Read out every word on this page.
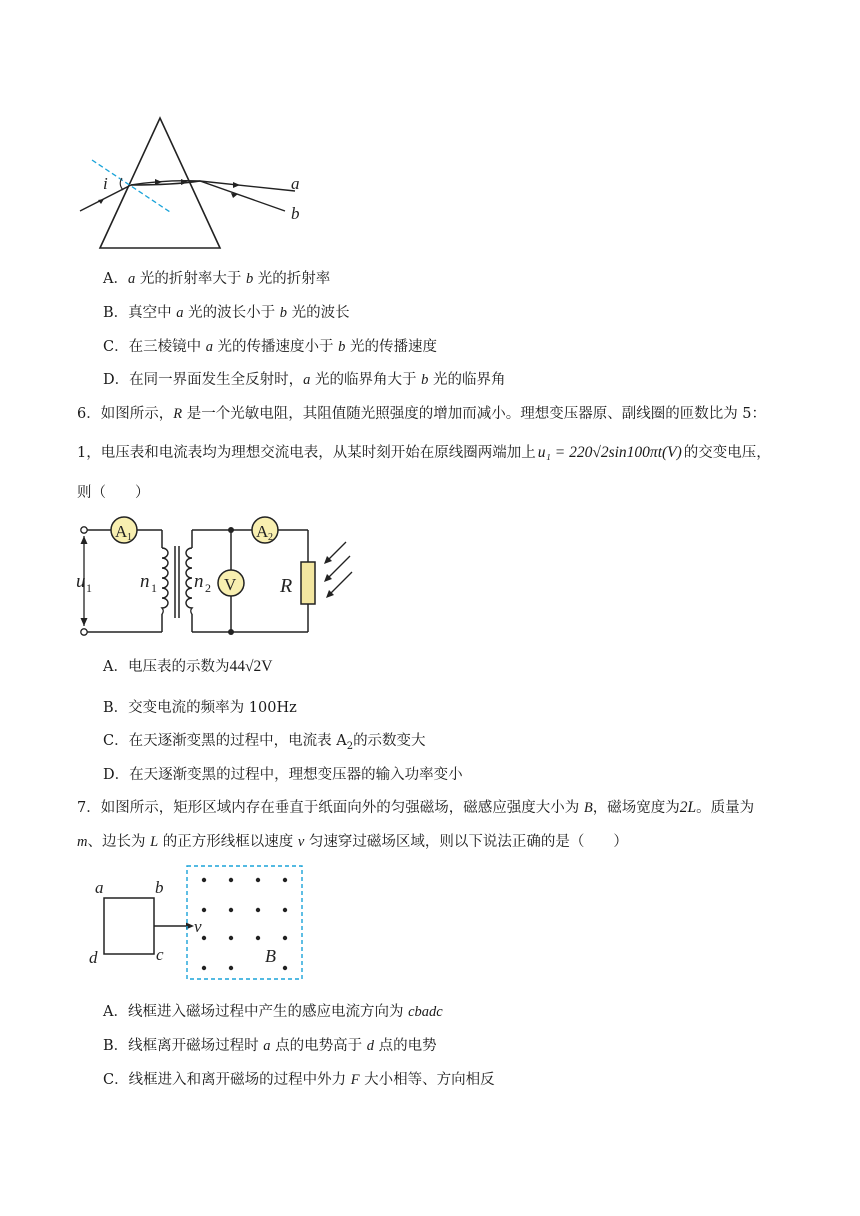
i	a
b
A．a 光的折射率大于 b 光的折射率
B．真空中 a 光的波长小于 b 光的波长
C．在三棱镜中 a 光的传播速度小于 b 光的传播速度
D．在同一界面发生全反射时，a 光的临界角大于 b 光的临界角
6．如图所示，R 是一个光敏电阻，其阻值随光照强度的增加而减小。理想变压器原、副线圈的匝数比为 5：
1，电压表和电流表均为理想交流电表，从某时刻开始在原线圈两端加上 u₁ = 220√2sin100πt(V) 的交变电压，
则（　　）
u 1
A 1
n 1 n 2
A 2
V R
A．电压表的示数为44√2V
B．交变电流的频率为 100Hz
C．在天逐渐变黑的过程中，电流表 $A_2$的示数变大
D．在天逐渐变黑的过程中，理想变压器的输入功率变小
7．如图所示，矩形区域内存在垂直于纸面向外的匀强磁场，磁感应强度大小为 B，磁场宽度为2L。质量为
m、边长为 L 的正方形线框以速度 v 匀速穿过磁场区域，则以下说法正确的是（　　）
a	b
c
d
v
B
A．线框进入磁场过程中产生的感应电流方向为 cbadc
B．线框离开磁场过程时 a 点的电势高于 d 点的电势
C．线框进入和离开磁场的过程中外力 F 大小相等、方向相反
